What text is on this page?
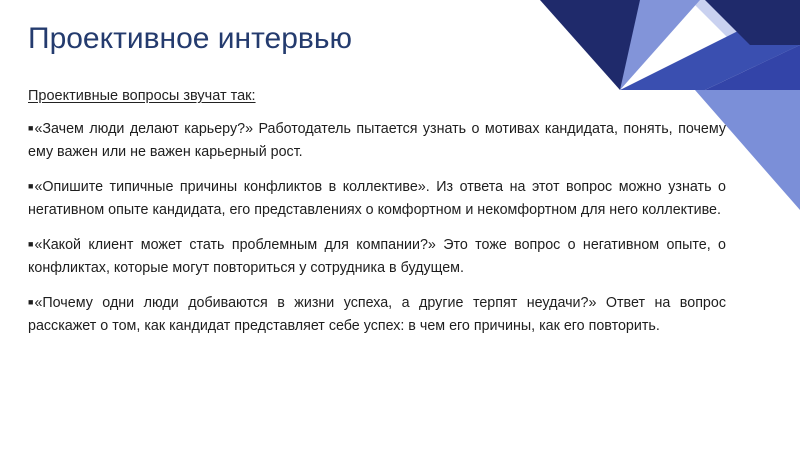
Проективное интервью
Проективные вопросы звучат так:

■«Зачем люди делают карьеру?» Работодатель пытается узнать о мотивах кандидата, понять, почему ему важен или не важен карьерный рост.

■«Опишите типичные причины конфликтов в коллективе». Из ответа на этот вопрос можно узнать о негативном опыте кандидата, его представлениях о комфортном и некомфортном для него коллективе.

■«Какой клиент может стать проблемным для компании?» Это тоже вопрос о негативном опыте, о конфликтах, которые могут повториться у сотрудника в будущем.

■«Почему одни люди добиваются в жизни успеха, а другие терпят неудачи?» Ответ на вопрос расскажет о том, как кандидат представляет себе успех: в чем его причины, как его повторить.
